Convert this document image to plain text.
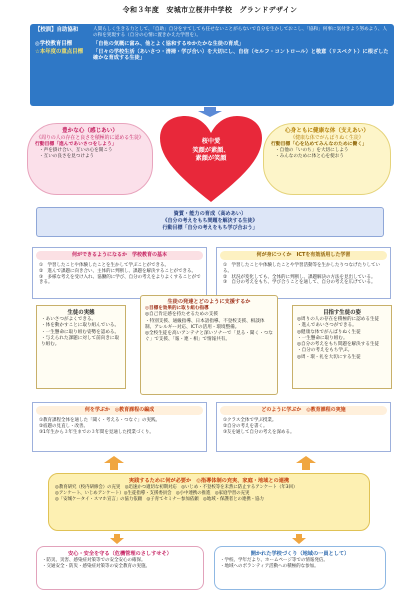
令和３年度　安城市立桜井中学校　グランドデザイン
【校訓】自助協和	人間らしく生きる力として、「自助」自分をすてしても任せないことがらないで自分を生かしておこし、「協和」何事に気付きよう努めよう、人の和を実現する（自分の心情に置きかえた学習を）。
◎学校教育目標	「自他の気概に富み、他とよく協和するゆかたかな生徒の育成」
☆本年度の重点目標	「日々の学校生活（あいさつ・清掃・学び合い）を大切にし、自信（セルフ・コントロール）と敬意（リスペクト）に根ざした確かな育成する生徒」
豊かな心（感じあい）
《周りの人の存在と良さを積極的に認める生徒》
行動目標「進んであいさつをしよう」
・声を掛け合い、互いの心を開こう
・互いの良さを見つけよう
桜中愛
笑顔が素顔、
素顔が笑顔
心身ともに健康な体（支えあい）
《健康な体でがんばりぬく生徒》
行動目標「心を込めてみんなのために働く」
・自他の「いのち」を大切にしよう
・みんなのために体と心を使おう
資質・能力の育成（高めあい）
《自分の考えをもち問題を解決する生徒》
行動目標「自分の考えをもち学び合おう」
何ができるようになるか　学校教育の基本
①　学習したことや体験したことを生かして学ぶことができる。
②　進んで課題に向き合い、主体的に判断し、課題を解決することができる。
③　多様な考えを受け入れ、協働的に学び、自分の考えをよりよくすることができる。
何が身につくか　ICTを有効活用した学習
①　学習したことや体験したことや学習活動等を生かしたりつなげたりしている。
②　状況が変化しても、全体的に判断し、課題解決の方法を見出している。
③　自分の考えをもち、学び合うことを通して、自分の考えを広げている。
生徒の実態
・あいさつがよくできる。
・体を動かすことに取り組んでいる。
・一生懸命に取り組む姿勢を認める。
・与えられた課題に対して前向きに取り組む。
生徒の発達とどのように支援するか
◎目標を効果的に取り組む指導
◎自己肯定感を持たせるための支援
・特別支援、通級指導、日本語指導、不登校支援、相談体制、アレルギー対応、ICTの活用・環境整備。
◎全校生徒を高いアンテナと深いソナーで「見る・聞く・つなぐ」で支援、「報・連・相」で情報共有。
目指す生徒の姿
◎周りの人の存在を積極的に認める生徒
・進んであいさつができる。
◎健康な体でがんばりぬく生徒
・一生懸命に取り組む。
◎自分の考えをもち問題を解決する生徒
・自分の考えをもち学ぶ。
◎周・環・礼を大切にする生徒
何を学ぶか　◎教育課程の編成
①教育課程全体を通した「聞く・考える・つなぐ」の実践。
②宿題の見直し・改善。
③1年生から３年生までの３年間を見通した授業づくり。
どのように学ぶか　◎教育課程の実施
①クラス全体で学ぶ授業。
②自分の考えを書く。
③友を通して自分の考えを深める。
実践するために何が必要か　◎指導体制の充実、家庭・地域との連携
◎教育研究（校内研修会）の充実　◎迅速かつ適切な初期対応　◎いじめ・不登校等を未然に防止するアンケート（年3回）
◎アンケート、いじめアンケート）◎生徒指導・支援委員会　◎小中連携の推進　◎家庭学習の充実
◎「安城ケータイ・スマホ宣言」の協力依頼　◎子育てセミナー参加依頼　◎地域・保護者との連携・協力
安心・安全を守る（危機管理のさしすせそ）
・防災、災害、感染症対策等での安全安心の確保。
・交通安全・防災・感染症対策等の安全教育の実施。
開かれた学校づくり（地域の一員として）
・学校、学年だより、ホームページ等での情報発信。
・地域へのボランティア活動への積極的な参加。
